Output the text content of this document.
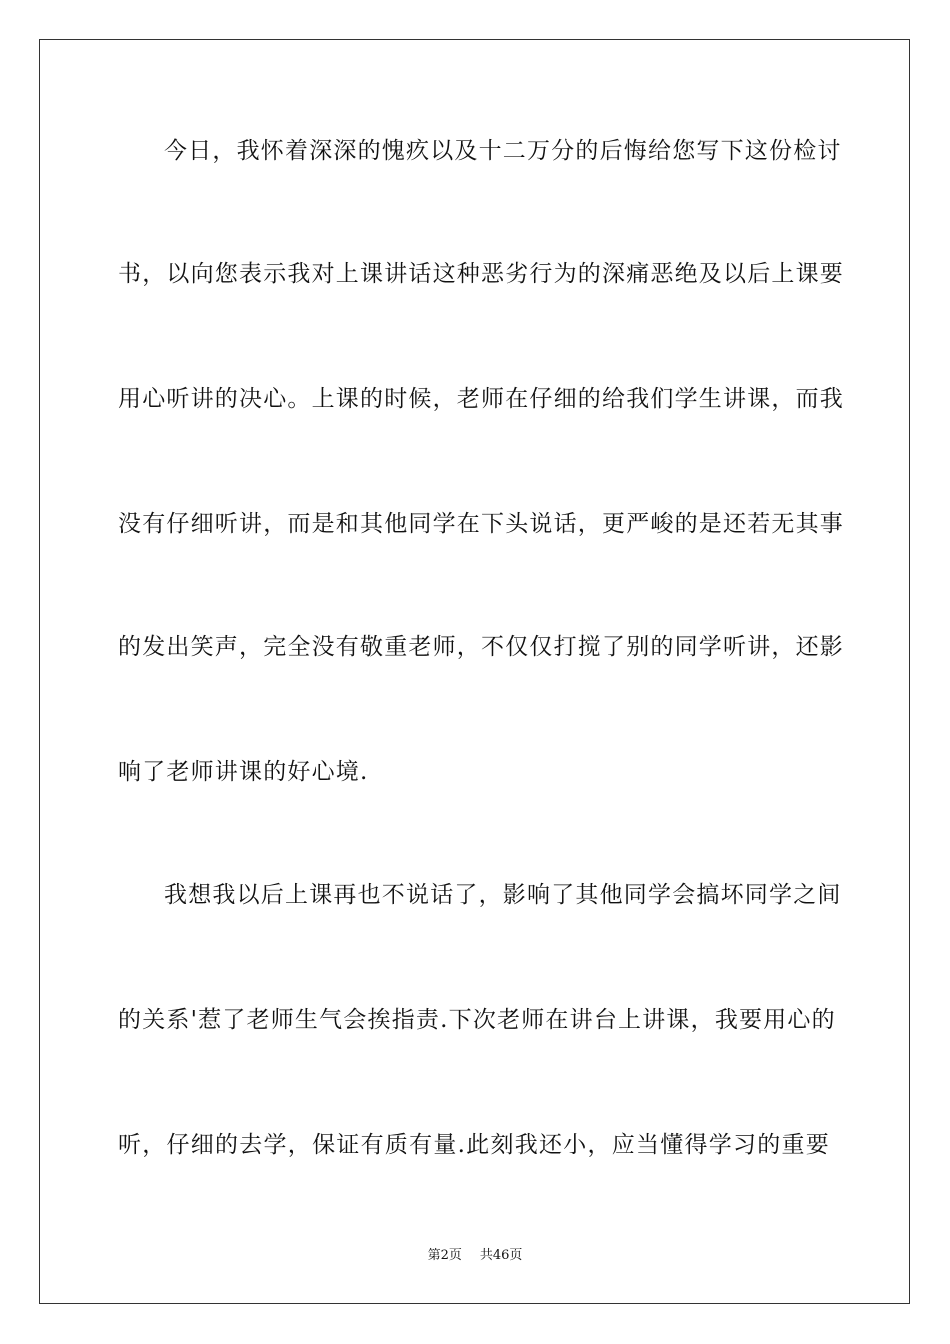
今日，我怀着深深的愧疚以及十二万分的后悔给您写下这份检讨
书，以向您表示我对上课讲话这种恶劣行为的深痛恶绝及以后上课要
用心听讲的决心。上课的时候，老师在仔细的给我们学生讲课，而我
没有仔细听讲，而是和其他同学在下头说话，更严峻的是还若无其事
的发出笑声，完全没有敬重老师，不仅仅打搅了别的同学听讲，还影
响了老师讲课的好心境.
我想我以后上课再也不说话了，影响了其他同学会搞坏同学之间
的关系'惹了老师生气会挨指责.下次老师在讲台上讲课，我要用心的
听，仔细的去学，保证有质有量.此刻我还小，应当懂得学习的重要
第2页 共46页
